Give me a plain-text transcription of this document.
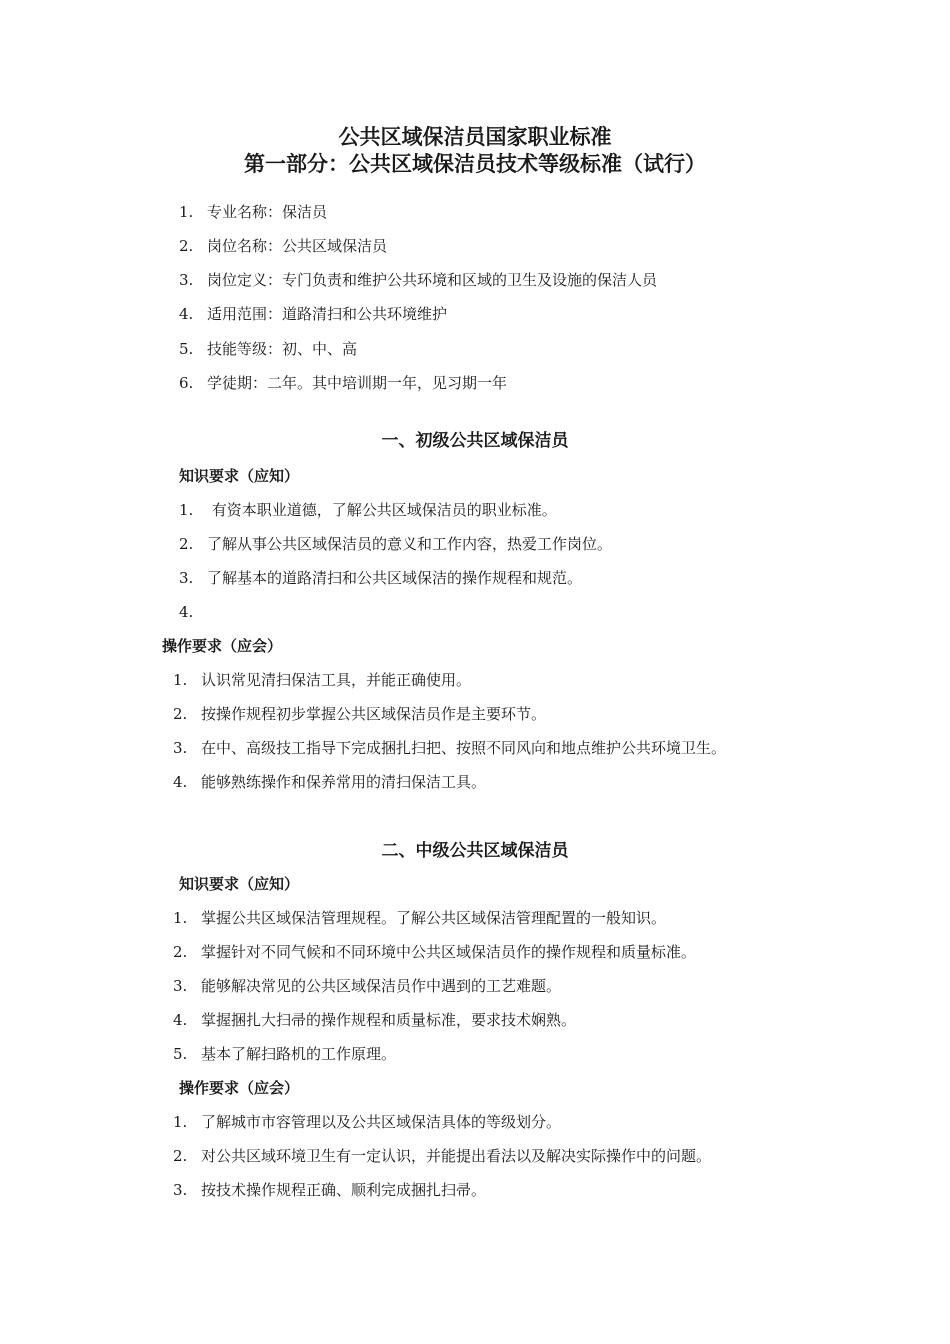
公共区域保洁员国家职业标准
第一部分：公共区域保洁员技术等级标准（试行）
1. 专业名称：保洁员
2. 岗位名称：公共区域保洁员
3. 岗位定义：专门负责和维护公共环境和区域的卫生及设施的保洁人员
4. 适用范围：道路清扫和公共环境维护
5. 技能等级：初、中、高
6. 学徒期：二年。其中培训期一年，见习期一年
一、初级公共区域保洁员
知识要求（应知）
1. 有资本职业道德，了解公共区域保洁员的职业标准。
2. 了解从事公共区域保洁员的意义和工作内容，热爱工作岗位。
3. 了解基本的道路清扫和公共区域保洁的操作规程和规范。
4.
操作要求（应会）
1. 认识常见清扫保洁工具，并能正确使用。
2. 按操作规程初步掌握公共区域保洁员作是主要环节。
3. 在中、高级技工指导下完成捆扎扫把、按照不同风向和地点维护公共环境卫生。
4. 能够熟练操作和保养常用的清扫保洁工具。
二、中级公共区域保洁员
知识要求（应知）
1. 掌握公共区域保洁管理规程。了解公共区域保洁管理配置的一般知识。
2. 掌握针对不同气候和不同环境中公共区域保洁员作的操作规程和质量标准。
3. 能够解决常见的公共区域保洁员作中遇到的工艺难题。
4. 掌握捆扎大扫帚的操作规程和质量标准，要求技术娴熟。
5. 基本了解扫路机的工作原理。
操作要求（应会）
1. 了解城市市容管理以及公共区域保洁具体的等级划分。
2. 对公共区域环境卫生有一定认识，并能提出看法以及解决实际操作中的问题。
3. 按技术操作规程正确、顺利完成捆扎扫帚。
